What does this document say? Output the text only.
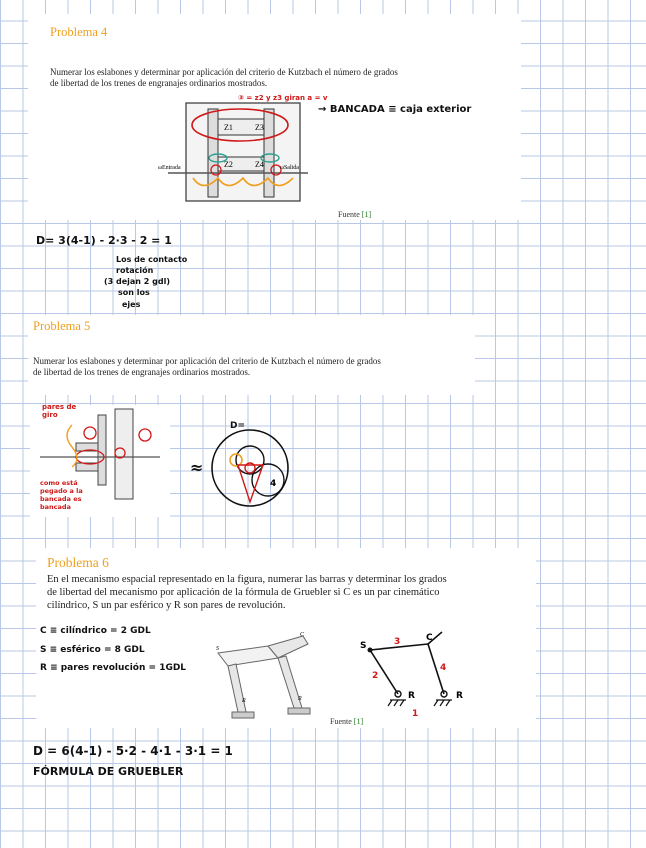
Problema 4
Numerar los eslabones y determinar por aplicación del criterio de Kutzbach el número de grados
de libertad de los trenes de engranajes ordinarios mostrados.
Z1	Z3
Z4
Z2
ωEntrada	ωSalida
③ = z2 y z3 giran a = v
→ BANCADA ≡ caja exterior
Fuente [1]
D= 3(4-1) - 2·3 - 2 = 1
Los de contacto
rotación
(3 dejan 2 gdl)
son los
ejes
Problema 5
Numerar los eslabones y determinar por aplicación del criterio de Kutzbach el número de grados
de libertad de los trenes de engranajes ordinarios mostrados.
pares de giro
como está pegado a la bancada es bancada
≈
4
D=
Problema 6
En el mecanismo espacial representado en la figura, numerar las barras y determinar los grados
de libertad del mecanismo por aplicación de la fórmula de Gruebler si C es un par cinemático
cilíndrico, S un par esférico y R son pares de revolución.
C ≡ cilíndrico = 2 GDL
S ≡ esférico = 8 GDL
R ≡ pares revolución = 1GDL
S
C
R	R
S
C
R	R
3
2
4
1
Fuente [1]
D = 6(4-1) - 5·2 - 4·1 - 3·1 = 1
FÓRMULA DE GRUEBLER
